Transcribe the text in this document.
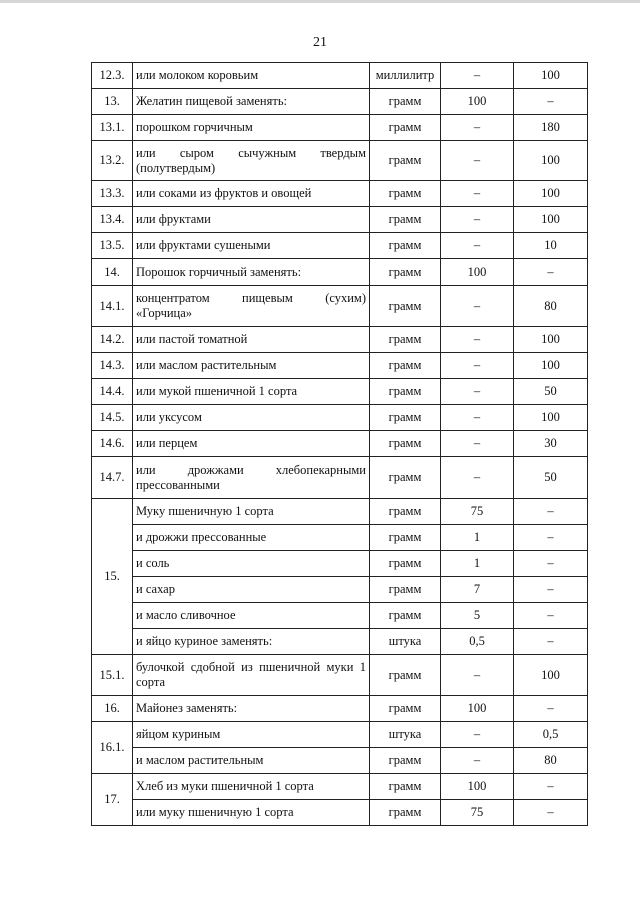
21
12.3.	или молоком коровьим	миллилитр	–	100
13.	Желатин пищевой заменять:	грамм	100	–
13.1.	порошком горчичным	грамм	–	180
13.2.	или сыром сычужным твердым (полутвердым)	грамм	–	100
13.3.	или соками из фруктов и овощей	грамм	–	100
13.4.	или фруктами	грамм	–	100
13.5.	или фруктами сушеными	грамм	–	10
14.	Порошок горчичный заменять:	грамм	100	–
14.1.	концентратом пищевым (сухим) «Горчица»	грамм	–	80
14.2.	или пастой томатной	грамм	–	100
14.3.	или маслом растительным	грамм	–	100
14.4.	или мукой пшеничной 1 сорта	грамм	–	50
14.5.	или уксусом	грамм	–	100
14.6.	или перцем	грамм	–	30
14.7.	или дрожжами хлебопекарными прессованными	грамм	–	50
15.	Муку пшеничную 1 сорта	грамм	75	–
	и дрожжи прессованные	грамм	1	–
	и соль	грамм	1	–
	и сахар	грамм	7	–
	и масло сливочное	грамм	5	–
	и яйцо куриное заменять:	штука	0,5	–
15.1.	булочкой сдобной из пшеничной муки 1 сорта	грамм	–	100
16.	Майонез заменять:	грамм	100	–
16.1.	яйцом куриным	штука	–	0,5
	и маслом растительным	грамм	–	80
17.	Хлеб из муки пшеничной 1 сорта	грамм	100	–
	или муку пшеничную 1 сорта	грамм	75	–
